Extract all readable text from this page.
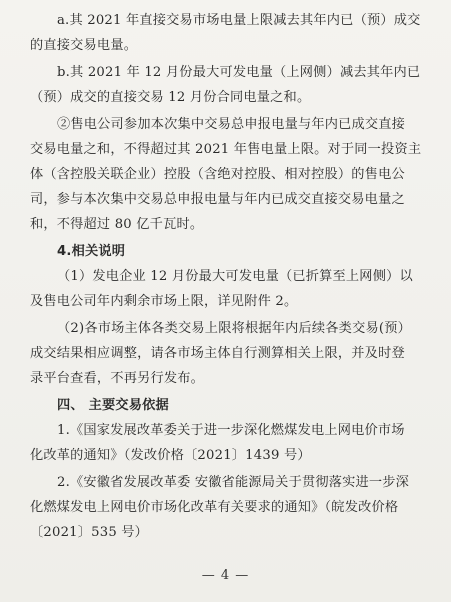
a.其 2021 年直接交易市场电量上限减去其年内已（预）成交
的直接交易电量。
b.其 2021 年 12 月份最大可发电量（上网侧）减去其年内已
（预）成交的直接交易 12 月份合同电量之和。
②售电公司参加本次集中交易总申报电量与年内已成交直接
交易电量之和，不得超过其 2021 年售电量上限。对于同一投资主
体（含控股关联企业）控股（含绝对控股、相对控股）的售电公
司，参与本次集中交易总申报电量与年内已成交直接交易电量之
和，不得超过 80 亿千瓦时。
4.相关说明
（1）发电企业 12 月份最大可发电量（已折算至上网侧）以
及售电公司年内剩余市场上限，详见附件 2。
（2)各市场主体各类交易上限将根据年内后续各类交易(预）
成交结果相应调整，请各市场主体自行测算相关上限，并及时登
录平台查看，不再另行发布。
四、 主要交易依据
1.《国家发展改革委关于进一步深化燃煤发电上网电价市场
化改革的通知》（发改价格〔2021〕1439 号）
2.《安徽省发展改革委 安徽省能源局关于贯彻落实进一步深
化燃煤发电上网电价市场化改革有关要求的通知》（皖发改价格
〔2021〕535 号）
— 4 —
